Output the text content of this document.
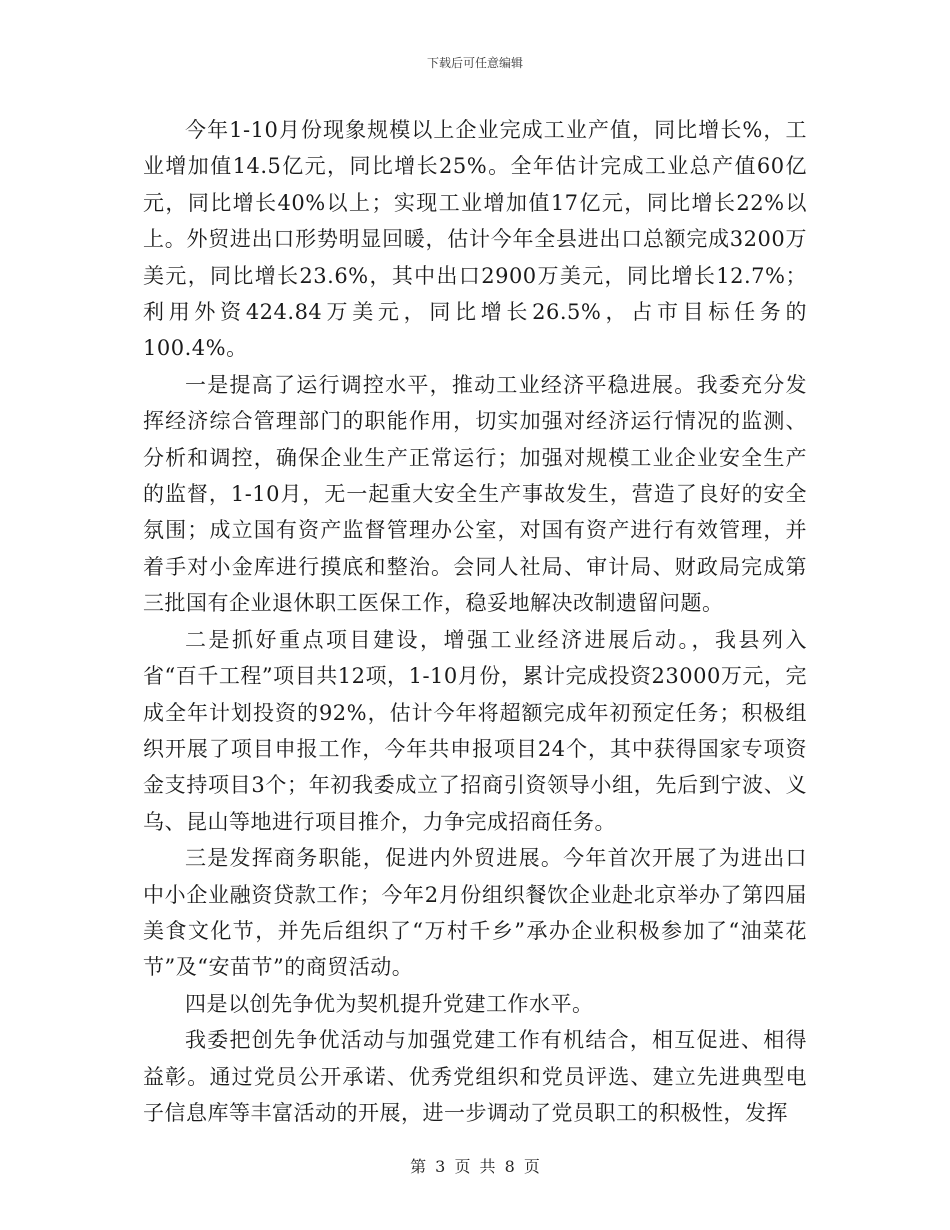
下载后可任意编辑

今年1-10月份现象规模以上企业完成工业产值，同比增长%，工业增加值14.5亿元，同比增长25%。全年估计完成工业总产值60亿元，同比增长40%以上；实现工业增加值17亿元，同比增长22%以上。外贸进出口形势明显回暖，估计今年全县进出口总额完成3200万美元，同比增长23.6%，其中出口2900万美元，同比增长12.7%；利用外资424.84万美元，同比增长26.5%，占市目标任务的100.4%。

一是提高了运行调控水平，推动工业经济平稳进展。我委充分发挥经济综合管理部门的职能作用，切实加强对经济运行情况的监测、分析和调控，确保企业生产正常运行；加强对规模工业企业安全生产的监督，1-10月，无一起重大安全生产事故发生，营造了良好的安全氛围；成立国有资产监督管理办公室，对国有资产进行有效管理，并着手对小金库进行摸底和整治。会同人社局、审计局、财政局完成第三批国有企业退休职工医保工作，稳妥地解决改制遗留问题。

二是抓好重点项目建设，增强工业经济进展后动。，我县列入省“百千工程”项目共12项，1-10月份，累计完成投资23000万元，完成全年计划投资的92%，估计今年将超额完成年初预定任务；积极组织开展了项目申报工作，今年共申报项目24个，其中获得国家专项资金支持项目3个；年初我委成立了招商引资领导小组，先后到宁波、义乌、昆山等地进行项目推介，力争完成招商任务。

三是发挥商务职能，促进内外贸进展。今年首次开展了为进出口中小企业融资贷款工作；今年2月份组织餐饮企业赴北京举办了第四届美食文化节，并先后组织了“万村千乡”承办企业积极参加了“油菜花节”及“安苗节”的商贸活动。

四是以创先争优为契机提升党建工作水平。

我委把创先争优活动与加强党建工作有机结合，相互促进、相得益彰。通过党员公开承诺、优秀党组织和党员评选、建立先进典型电子信息库等丰富活动的开展，进一步调动了党员职工的积极性，发挥

第 3 页 共 8 页
